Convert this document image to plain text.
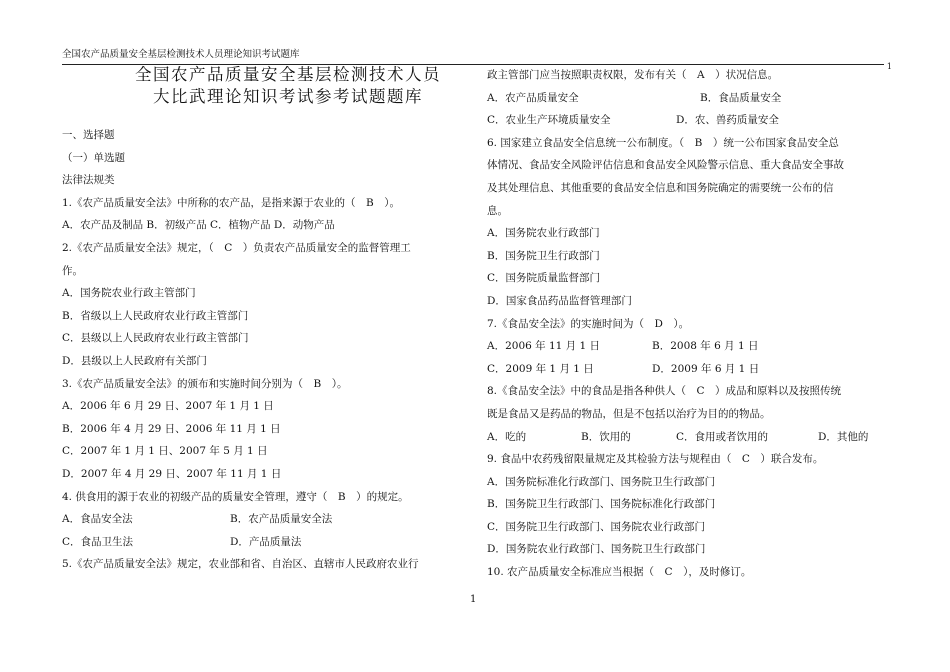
全国农产品质量安全基层检测技术人员理论知识考试题库
1
全国农产品质量安全基层检测技术人员
大比武理论知识考试参考试题题库
一、选择题
（一）单选题
法律法规类
1.《农产品质量安全法》中所称的农产品，是指来源于农业的（　B　）。
A．农产品及制品 B．初级产品 C．植物产品 D．动物产品
2.《农产品质量安全法》规定，（　C　）负责农产品质量安全的监督管理工
作。
A．国务院农业行政主管部门
B．省级以上人民政府农业行政主管部门
C．县级以上人民政府农业行政主管部门
D．县级以上人民政府有关部门
3.《农产品质量安全法》的颁布和实施时间分别为（　B　）。
A．2006 年 6 月 29 日、2007 年 1 月 1 日
B．2006 年 4 月 29 日、2006 年 11 月 1 日
C．2007 年 1 月 1 日、2007 年 5 月 1 日
D．2007 年 4 月 29 日、2007 年 11 月 1 日
4. 供食用的源于农业的初级产品的质量安全管理，遵守（　B　）的规定。
A．食品安全法	B．农产品质量安全法
C．食品卫生法	D．产品质量法
5.《农产品质量安全法》规定，农业部和省、自治区、直辖市人民政府农业行
政主管部门应当按照职责权限，发布有关（　A　）状况信息。
A．农产品质量安全	B．食品质量安全
C．农业生产环境质量安全	D．农、兽药质量安全
6. 国家建立食品安全信息统一公布制度。（　B　）统一公布国家食品安全总
体情况、食品安全风险评估信息和食品安全风险警示信息、重大食品安全事故
及其处理信息、其他重要的食品安全信息和国务院确定的需要统一公布的信
息。
A．国务院农业行政部门
B．国务院卫生行政部门
C．国务院质量监督部门
D．国家食品药品监督管理部门
7.《食品安全法》的实施时间为（　D　）。
A．2006 年 11 月 1 日	B．2008 年 6 月 1 日
C．2009 年 1 月 1 日	D．2009 年 6 月 1 日
8.《食品安全法》中的食品是指各种供人（　C　）成品和原料以及按照传统
既是食品又是药品的物品，但是不包括以治疗为目的的物品。
A．吃的	B．饮用的	C．食用或者饮用的	D．其他的
9. 食品中农药残留限量规定及其检验方法与规程由（　C　）联合发布。
A．国务院标准化行政部门、国务院卫生行政部门
B．国务院卫生行政部门、国务院标准化行政部门
C．国务院卫生行政部门、国务院农业行政部门
D．国务院农业行政部门、国务院卫生行政部门
10. 农产品质量安全标准应当根据（　C　），及时修订。
1
